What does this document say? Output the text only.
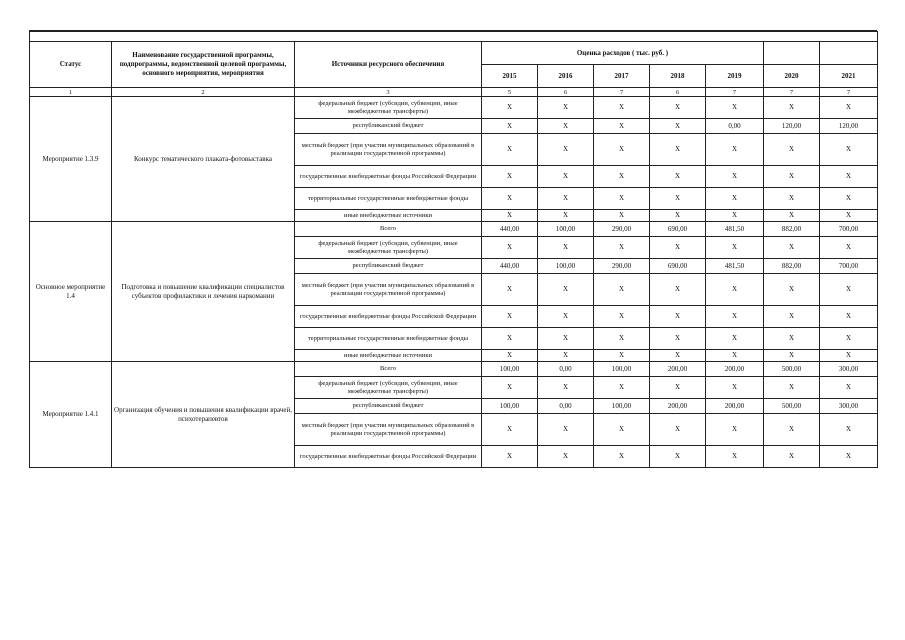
Статус	Наименование государственной программы, подпрограммы, ведомственной целевой программы, основного мероприятия, мероприятия	Источники ресурсного обеспечения	Оценка расходов ( тыс. руб. )						
			2015	2016	2017	2018	2019	2020	2021
1	2	3	5	6	7	6	7	7	7
Мероприятие 1.3.9	Конкурс тематического плаката-фотовыставка	федеральный бюджет (субсидии, субвенции, иные межбюджетные трансферты)	X	X	X	X	X	X	X
		республиканский бюджет	X	X	X	X	0,00	120,00	120,00
		местный бюджет (при участии муниципальных образований в реализации государственной программы)	X	X	X	X	X	X	X
		государственные внебюджетные фонды Российской Федерации	X	X	X	X	X	X	X
		территориальные государственные внебюджетные фонды	X	X	X	X	X	X	X
		иные внебюджетные источники	X	X	X	X	X	X	X
Основное мероприятие 1.4	Подготовка и повышение квалификации специалистов субъектов профилактики и лечения наркомании	Всего	440,00	100,00	290,00	690,00	481,50	882,00	700,00
		федеральный бюджет (субсидии, субвенции, иные межбюджетные трансферты)	X	X	X	X	X	X	X
		республиканский бюджет	440,00	100,00	290,00	690,00	481,50	882,00	700,00
		местный бюджет (при участии муниципальных образований в реализации государственной программы)	X	X	X	X	X	X	X
		государственные внебюджетные фонды Российской Федерации	X	X	X	X	X	X	X
		территориальные государственные внебюджетные фонды	X	X	X	X	X	X	X
		иные внебюджетные источники	X	X	X	X	X	X	X
Мероприятие 1.4.1	Организация обучения и повышения квалификации врачей, психотерапевтов	Всего	100,00	0,00	100,00	200,00	200,00	500,00	300,00
		федеральный бюджет (субсидии, субвенции, иные межбюджетные трансферты)	X	X	X	X	X	X	X
		республиканский бюджет	100,00	0,00	100,00	200,00	200,00	500,00	300,00
		местный бюджет (при участии муниципальных образований в реализации государственной программы)	X	X	X	X	X	X	X
		государственные внебюджетные фонды Российской Федерации	X	X	X	X	X	X	X
